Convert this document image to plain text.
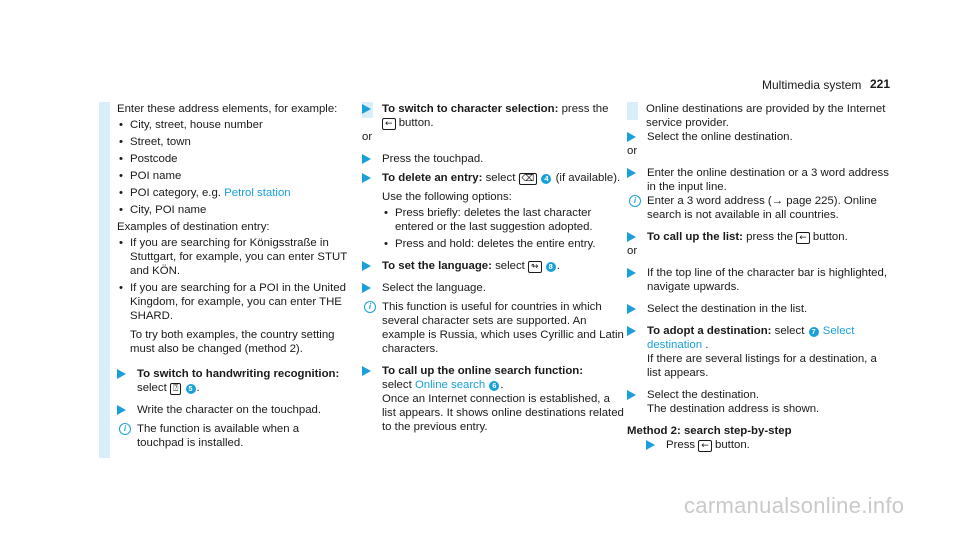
Multimedia system 221

Enter these address elements, for example:

• City, street, house number
• Street, town
• Postcode
• POI name
• POI category, e.g. Petrol station
• City, POI name

Examples of destination entry:

• If you are searching for Königsstraße in Stuttgart, for example, you can enter STUT and KÖN.
• If you are searching for a POI in the United Kingdom, for example, you can enter THE SHARD.
To try both examples, the country setting must also be changed (method 2).
To switch to handwriting recognition:
select ⍰ 5 .
Write the character on the touchpad.
i The function is available when a touchpad is installed.
To switch to character selection: press the
← button.

or

Press the touchpad.
To delete an entry: select ⌫ 4 (if available).
Use the following options:
• Press briefly: deletes the last character entered or the last suggestion adopted.
• Press and hold: deletes the entire entry.
To set the language: select ↬ 8 .
Select the language.
i This function is useful for countries in which several character sets are supported. An example is Russia, which uses Cyrillic and Latin characters.
To call up the online search function:
select Online search 6 .
Once an Internet connection is established, a list appears. It shows online destinations related to the previous entry.

Online destinations are provided by the Internet service provider.

Select the online destination.

or

Enter the online destination or a 3 word address in the input line.
i Enter a 3 word address (→ page 225). Online search is not available in all countries.
To call up the list: press the ← button.

or

If the top line of the character bar is highlighted, navigate upwards.
Select the destination in the list.
To adopt a destination: select 7 Select destination .
If there are several listings for a destination, a list appears.
Select the destination.
The destination address is shown.

Method 2: search step-by-step

Press ← button.
carmanualsonline.info
